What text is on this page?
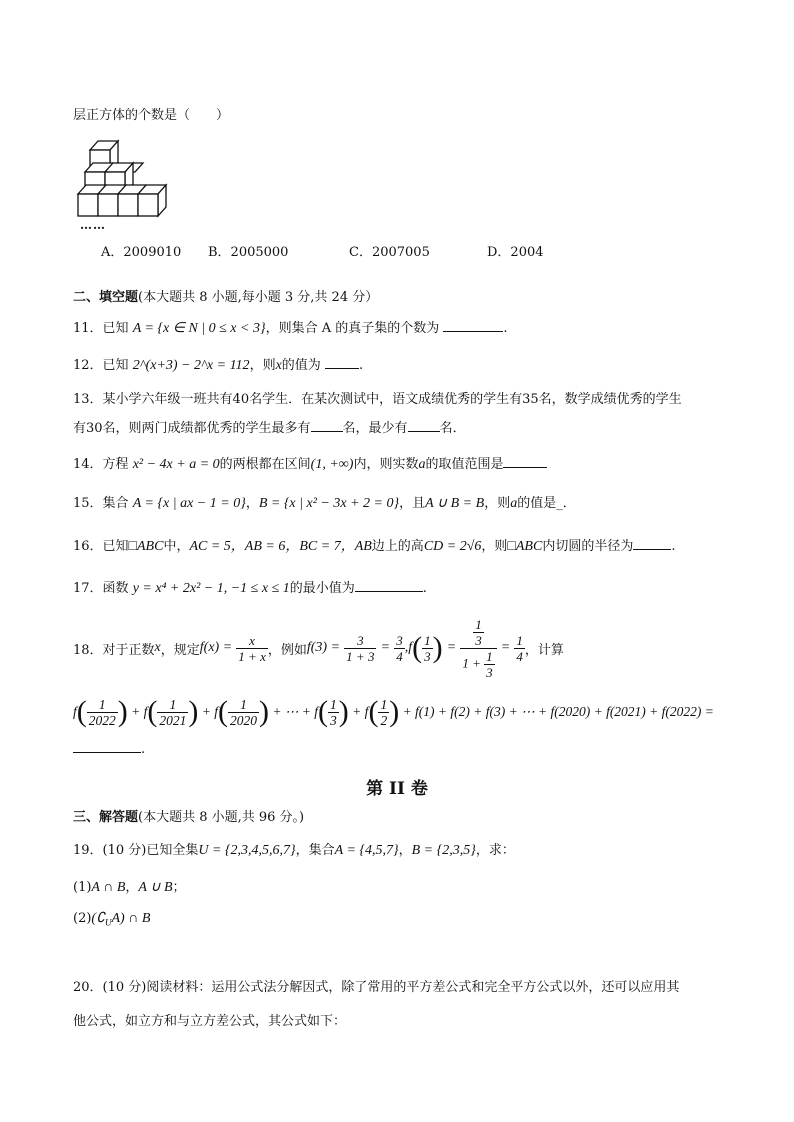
层正方体的个数是（　　）
……
A．2009010 B．2005000	C．2007005	D．2004
二、填空题(本大题共 8 小题,每小题 3 分,共 24 分）
11．已知 A = {x ∈ N | 0 ≤ x < 3}，则集合 A 的真子集的个数为	.
12．已知 2^(x+3) − 2^x = 112，则x的值为	.
13．某小学六年级一班共有40名学生．在某次测试中，语文成绩优秀的学生有35名，数学成绩优秀的学生
有30名，则两门成绩都优秀的学生最多有 名，最少有 名．
14．方程 x² − 4x + a = 0的两根都在区间(1, +∞)内，则实数a的取值范围是
15．集合 A = {x | ax − 1 = 0}，B = {x | x² − 3x + 2 = 0}，且A ∪ B = B，则a的值是_．
16．已知□ABC中，AC = 5，AB = 6，BC = 7，AB边上的高CD = 2√6，则□ABC内切圆的半径为	.
17．函数 y = x⁴ + 2x² − 1, −1 ≤ x ≤ 1的最小值为	.
18．对于正数 x ，规定 f(x) =
$\frac{x}{1 + x}$ ，例如 f(3) =
$\frac{3}{1 + 3}$
=
$\frac{3}{4}$ , f ( $\frac{1}{3}$ )
=
$\frac{\frac{1}{3}}{1 + \frac{1}{3}}$
=
$\frac{1}{4}$ ，计算
f ( $\frac{1}{2022}$ ) + f ( $\frac{1}{2021}$ ) + f ( $\frac{1}{2020}$ )
+ ⋯ +
f ( $\frac{1}{3}$ ) + f ( $\frac{1}{2}$ )
+ f(1) + f(2) + f(3) + ⋯ + f(2020) + f(2021) + f(2022) =
.
第 II 卷
三、解答题(本大题共 8 小题,共 96 分。)
19．(10 分)已知全集U = {2,3,4,5,6,7}，集合A = {4,5,7}，B = {2,3,5}，求：
(1)A ∩ B，A ∪ B；
$(2)(∁_UA)$ ∩ B
20．(10 分)阅读材料：运用公式法分解因式，除了常用的平方差公式和完全平方公式以外，还可以应用其
他公式，如立方和与立方差公式，其公式如下：
